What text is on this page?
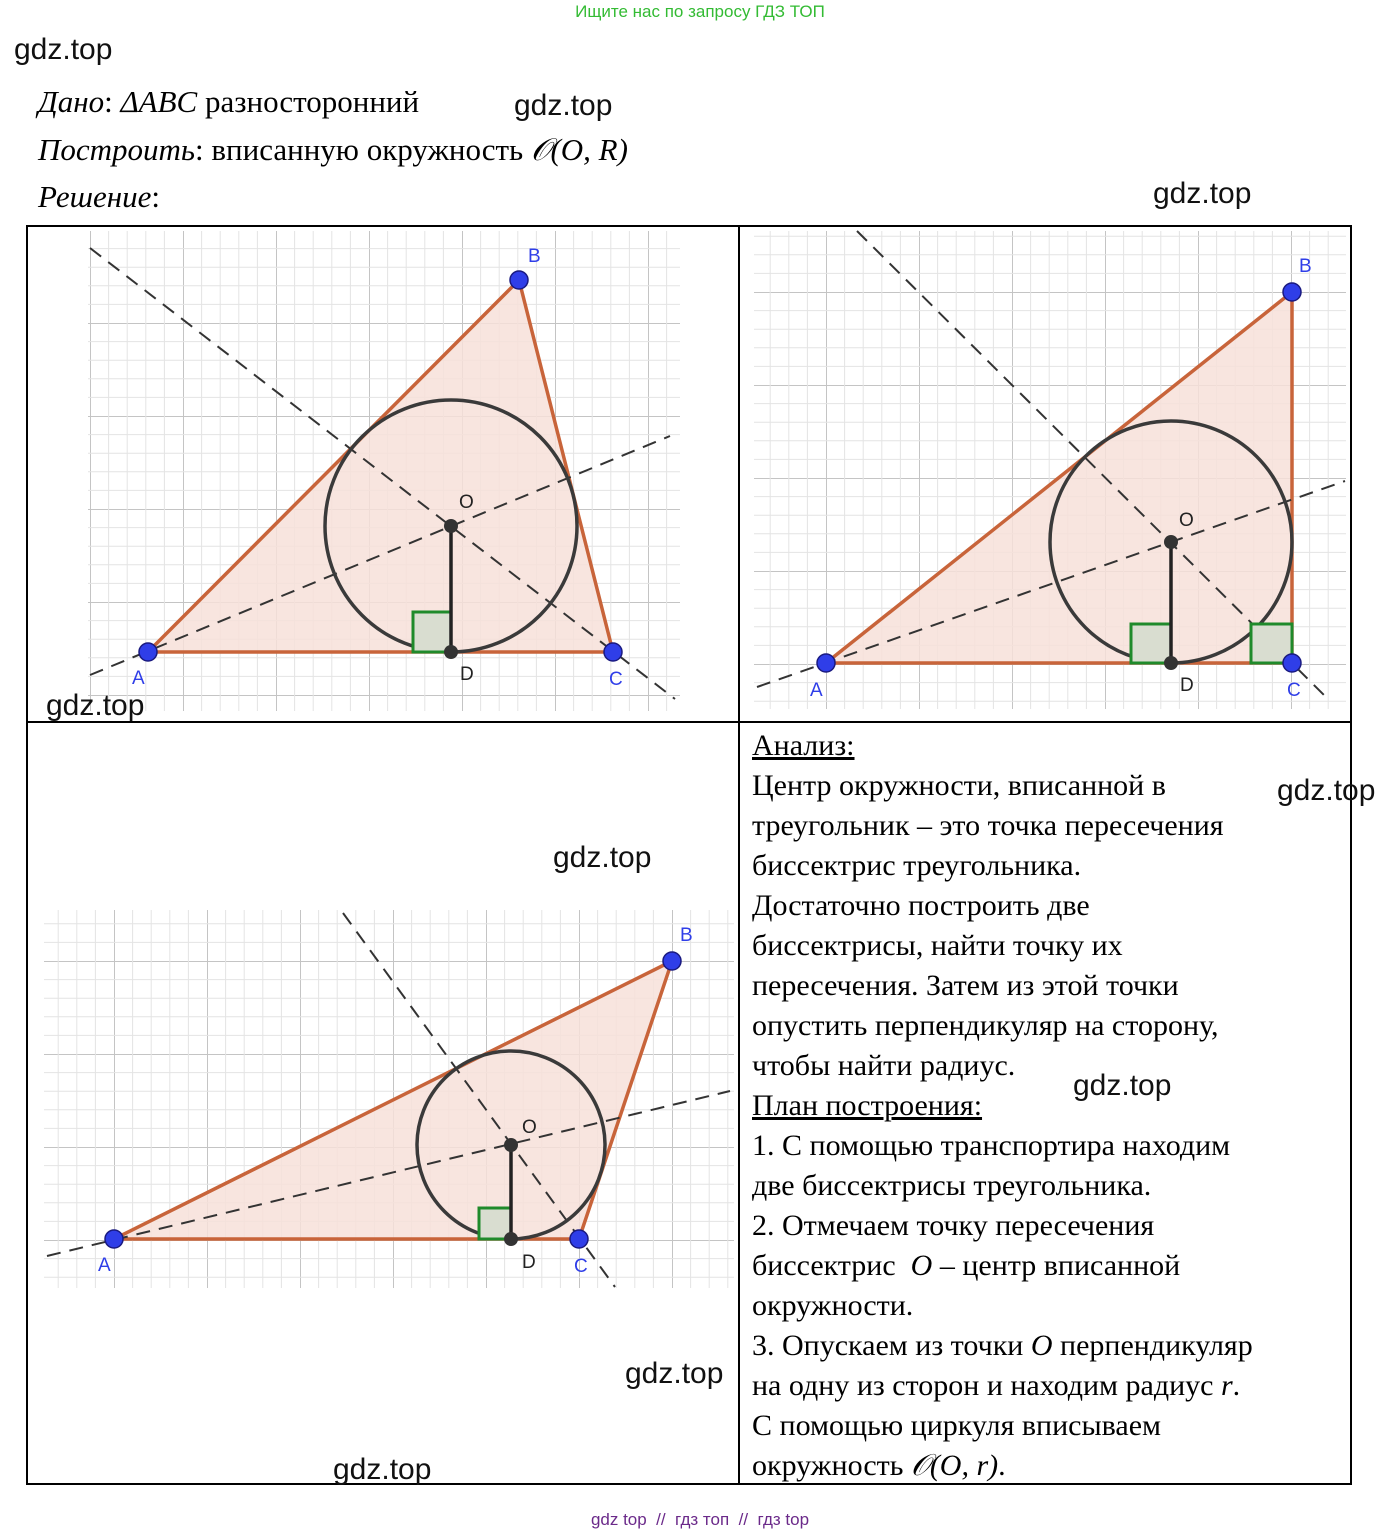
Ищите нас по запросу ГДЗ ТОП
gdz.top
gdz.top
gdz.top
Дано: ΔABC разносторонний
Построить: вписанную окружность 𝒪(O, R)
Решение:
A
B
C
O
D
gdz.top	A
B
C
O
D
A
B
C
O
D
gdz.top
gdz.top
gdz.top

Анализ:

Центр окружности, вписанной в

треугольник – это точка пересечения

биссектрис треугольника.

Достаточно построить две

биссектрисы, найти точку их

пересечения. Затем из этой точки

опустить перпендикуляр на сторону,

чтобы найти радиус.

План построения:

1. С помощью транспортира находим

две биссектрисы треугольника.

2. Отмечаем точку пересечения

биссектрис  O – центр вписанной

окружности.

3. Опускаем из точки O перпендикуляр

на одну из сторон и находим радиус r.

С помощью циркуля вписываем

окружность 𝒪(O, r).

gdz.top
gdz.top
gdz top  //  гдз топ  //  гдз top
